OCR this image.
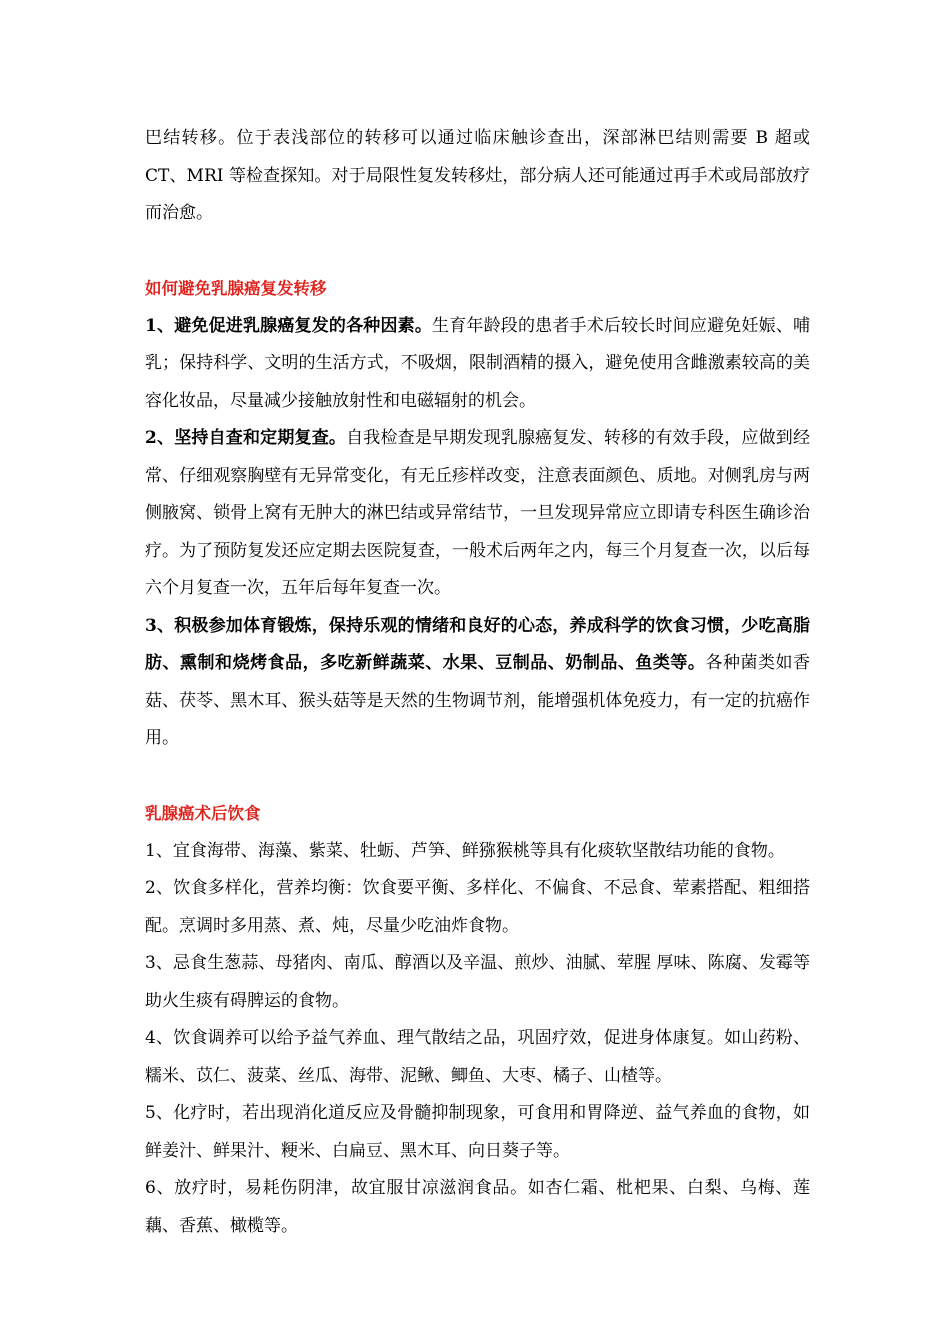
巴结转移。位于表浅部位的转移可以通过临床触诊查出，深部淋巴结则需要 B 超或 CT、MRI 等检查探知。对于局限性复发转移灶，部分病人还可能通过再手术或局部放疗而治愈。

如何避免乳腺癌复发转移

1、避免促进乳腺癌复发的各种因素。生育年龄段的患者手术后较长时间应避免妊娠、哺乳；保持科学、文明的生活方式，不吸烟，限制酒精的摄入，避免使用含雌激素较高的美容化妆品，尽量减少接触放射性和电磁辐射的机会。

2、坚持自查和定期复查。自我检查是早期发现乳腺癌复发、转移的有效手段，应做到经常、仔细观察胸壁有无异常变化，有无丘疹样改变，注意表面颜色、质地。对侧乳房与两侧腋窝、锁骨上窝有无肿大的淋巴结或异常结节，一旦发现异常应立即请专科医生确诊治疗。为了预防复发还应定期去医院复查，一般术后两年之内，每三个月复查一次，以后每六个月复查一次，五年后每年复查一次。

3、积极参加体育锻炼，保持乐观的情绪和良好的心态，养成科学的饮食习惯，少吃高脂肪、熏制和烧烤食品，多吃新鲜蔬菜、水果、豆制品、奶制品、鱼类等。各种菌类如香菇、茯苓、黑木耳、猴头菇等是天然的生物调节剂，能增强机体免疫力，有一定的抗癌作用。

乳腺癌术后饮食

1、宜食海带、海藻、紫菜、牡蛎、芦笋、鲜猕猴桃等具有化痰软坚散结功能的食物。

2、饮食多样化，营养均衡：饮食要平衡、多样化、不偏食、不忌食、荤素搭配、粗细搭配。烹调时多用蒸、煮、炖，尽量少吃油炸食物。

3、忌食生葱蒜、母猪肉、南瓜、醇酒以及辛温、煎炒、油腻、荤腥 厚味、陈腐、发霉等助火生痰有碍脾运的食物。

4、饮食调养可以给予益气养血、理气散结之品，巩固疗效，促进身体康复。如山药粉、糯米、苡仁、菠菜、丝瓜、海带、泥鳅、鲫鱼、大枣、橘子、山楂等。

5、化疗时，若出现消化道反应及骨髓抑制现象，可食用和胃降逆、益气养血的食物，如鲜姜汁、鲜果汁、粳米、白扁豆、黑木耳、向日葵子等。

6、放疗时，易耗伤阴津，故宜服甘凉滋润食品。如杏仁霜、枇杷果、白梨、乌梅、莲藕、香蕉、橄榄等。
